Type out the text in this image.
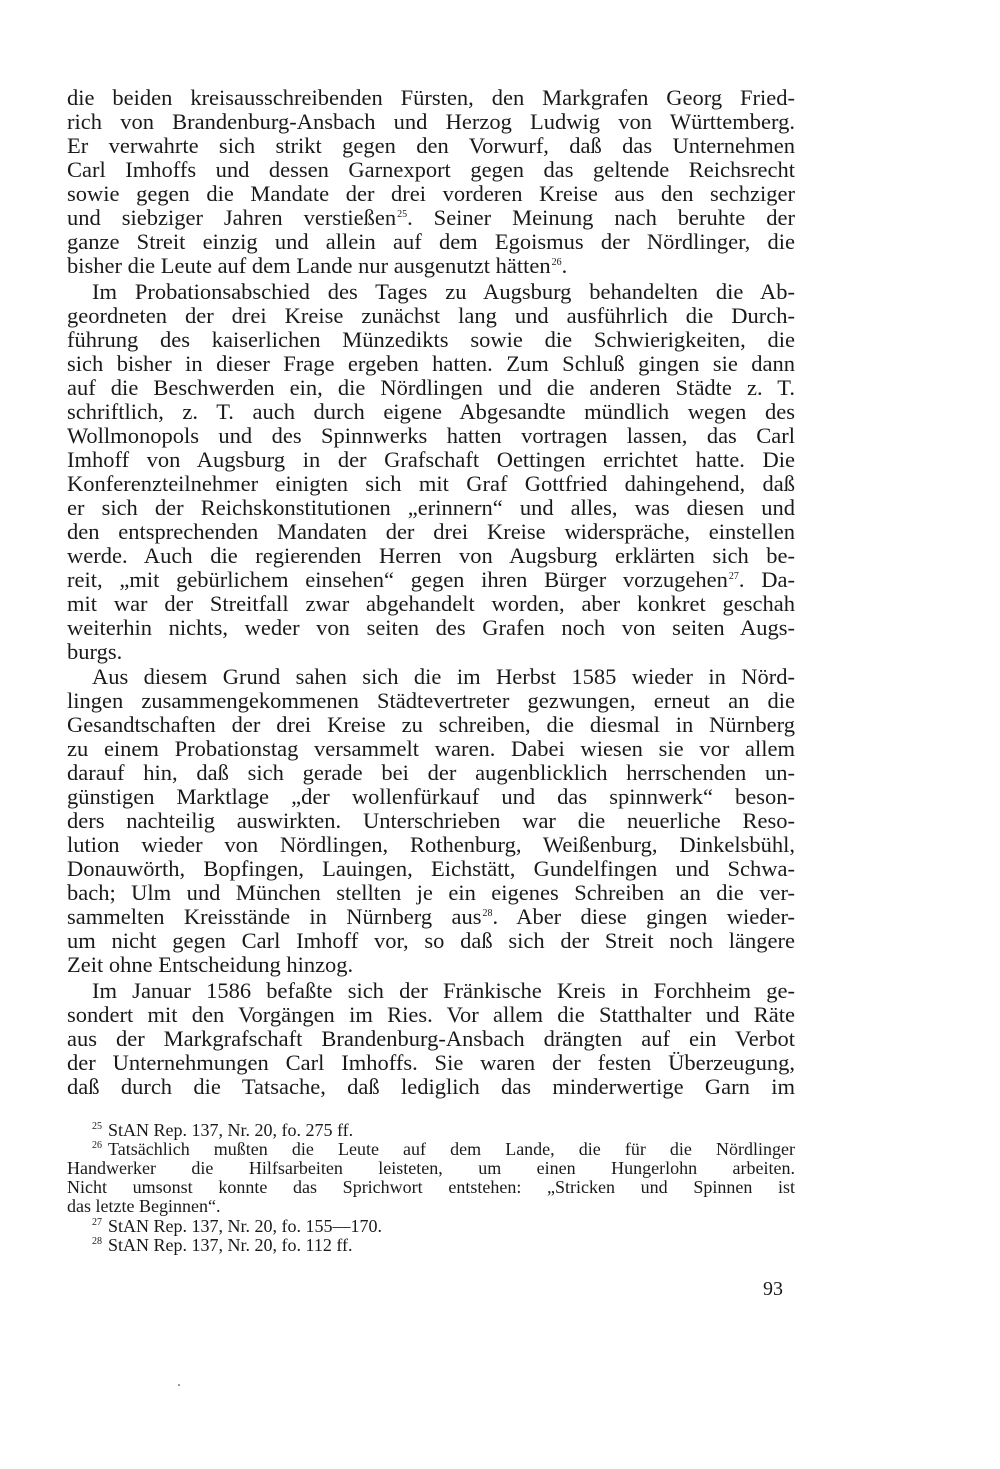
die beiden kreisausschreibenden Fürsten, den Markgrafen Georg Fried-
rich von Brandenburg-Ansbach und Herzog Ludwig von Württemberg.
Er verwahrte sich strikt gegen den Vorwurf, daß das Unternehmen
Carl Imhoffs und dessen Garnexport gegen das geltende Reichsrecht
sowie gegen die Mandate der drei vorderen Kreise aus den sechziger
und siebziger Jahren verstießen$^{25}$. Seiner Meinung nach beruhte der
ganze Streit einzig und allein auf dem Egoismus der Nördlinger, die
bisher die Leute auf dem Lande nur ausgenutzt hätten$^{26}$.
Im Probationsabschied des Tages zu Augsburg behandelten die Ab-
geordneten der drei Kreise zunächst lang und ausführlich die Durch-
führung des kaiserlichen Münzedikts sowie die Schwierigkeiten, die
sich bisher in dieser Frage ergeben hatten. Zum Schluß gingen sie dann
auf die Beschwerden ein, die Nördlingen und die anderen Städte z. T.
schriftlich, z. T. auch durch eigene Abgesandte mündlich wegen des
Wollmonopols und des Spinnwerks hatten vortragen lassen, das Carl
Imhoff von Augsburg in der Grafschaft Oettingen errichtet hatte. Die
Konferenzteilnehmer einigten sich mit Graf Gottfried dahingehend, daß
er sich der Reichskonstitutionen „erinnern“ und alles, was diesen und
den entsprechenden Mandaten der drei Kreise widerspräche, einstellen
werde. Auch die regierenden Herren von Augsburg erklärten sich be-
reit, „mit gebürlichem einsehen“ gegen ihren Bürger vorzugehen$^{27}$. Da-
mit war der Streitfall zwar abgehandelt worden, aber konkret geschah
weiterhin nichts, weder von seiten des Grafen noch von seiten Augs-
burgs.
Aus diesem Grund sahen sich die im Herbst 1585 wieder in Nörd-
lingen zusammengekommenen Städtevertreter gezwungen, erneut an die
Gesandtschaften der drei Kreise zu schreiben, die diesmal in Nürnberg
zu einem Probationstag versammelt waren. Dabei wiesen sie vor allem
darauf hin, daß sich gerade bei der augenblicklich herrschenden un-
günstigen Marktlage „der wollenfürkauf und das spinnwerk“ beson-
ders nachteilig auswirkten. Unterschrieben war die neuerliche Reso-
lution wieder von Nördlingen, Rothenburg, Weißenburg, Dinkelsbühl,
Donauwörth, Bopfingen, Lauingen, Eichstätt, Gundelfingen und Schwa-
bach; Ulm und München stellten je ein eigenes Schreiben an die ver-
sammelten Kreisstände in Nürnberg aus$^{28}$. Aber diese gingen wieder-
um nicht gegen Carl Imhoff vor, so daß sich der Streit noch längere
Zeit ohne Entscheidung hinzog.
Im Januar 1586 befaßte sich der Fränkische Kreis in Forchheim ge-
sondert mit den Vorgängen im Ries. Vor allem die Statthalter und Räte
aus der Markgrafschaft Brandenburg-Ansbach drängten auf ein Verbot
der Unternehmungen Carl Imhoffs. Sie waren der festen Überzeugung,
daß durch die Tatsache, daß lediglich das minderwertige Garn im
$^{25}$ StAN Rep. 137, Nr. 20, fo. 275 ff.
$^{26}$ Tatsächlich mußten die Leute auf dem Lande, die für die Nördlinger
Handwerker die Hilfsarbeiten leisteten, um einen Hungerlohn arbeiten.
Nicht umsonst konnte das Sprichwort entstehen: „Stricken und Spinnen ist
das letzte Beginnen“.
$^{27}$ StAN Rep. 137, Nr. 20, fo. 155—170.
$^{28}$ StAN Rep. 137, Nr. 20, fo. 112 ff.
93
